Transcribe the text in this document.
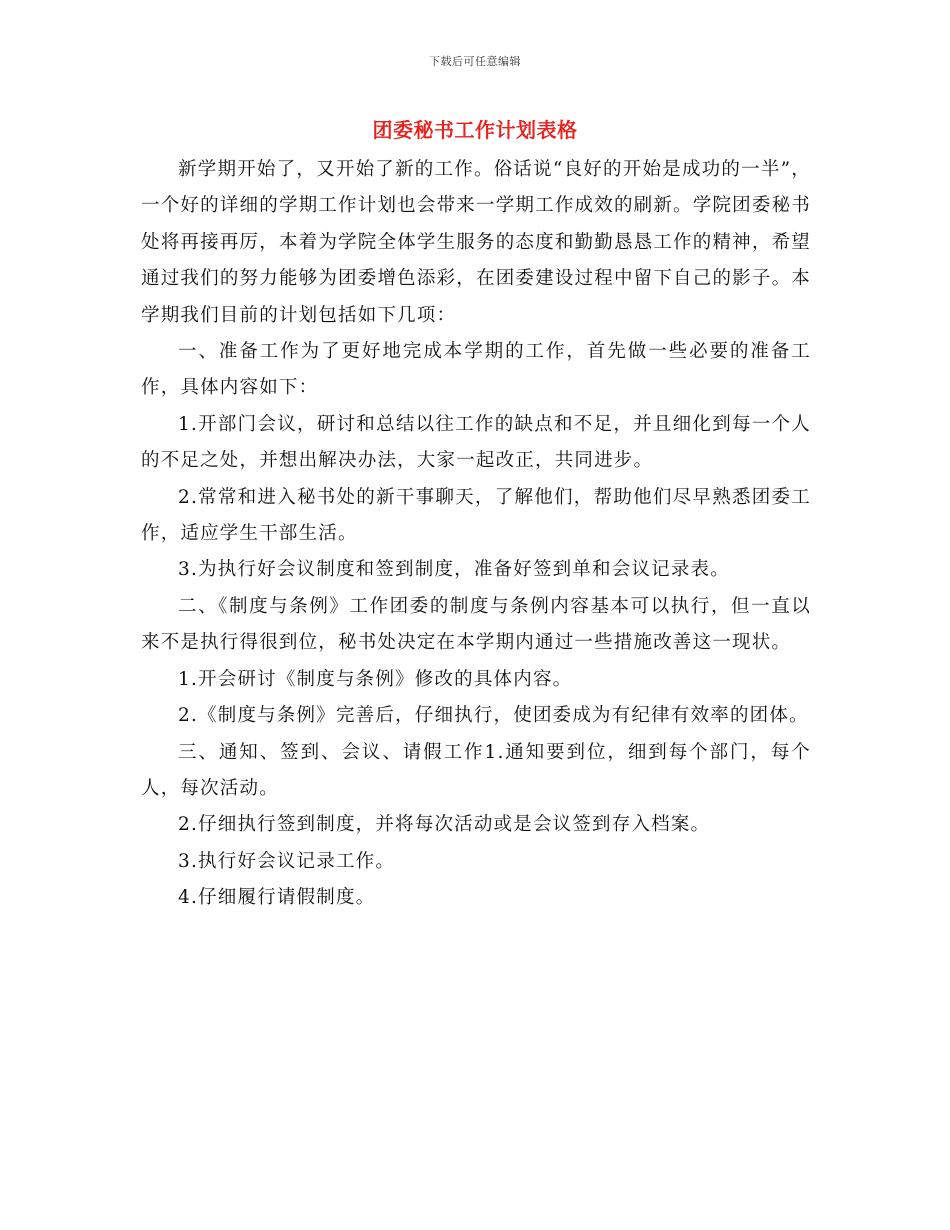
下载后可任意编辑
团委秘书工作计划表格

新学期开始了，又开始了新的工作。俗话说“良好的开始是成功的一半”，一个好的详细的学期工作计划也会带来一学期工作成效的刷新。学院团委秘书处将再接再厉，本着为学院全体学生服务的态度和勤勤恳恳工作的精神，希望通过我们的努力能够为团委增色添彩，在团委建设过程中留下自己的影子。本学期我们目前的计划包括如下几项：

一、准备工作为了更好地完成本学期的工作，首先做一些必要的准备工作，具体内容如下：

1.开部门会议，研讨和总结以往工作的缺点和不足，并且细化到每一个人的不足之处，并想出解决办法，大家一起改正，共同进步。

2.常常和进入秘书处的新干事聊天，了解他们，帮助他们尽早熟悉团委工作，适应学生干部生活。

3.为执行好会议制度和签到制度，准备好签到单和会议记录表。

二、《制度与条例》工作团委的制度与条例内容基本可以执行，但一直以来不是执行得很到位，秘书处决定在本学期内通过一些措施改善这一现状。

1.开会研讨《制度与条例》修改的具体内容。

2.《制度与条例》完善后，仔细执行，使团委成为有纪律有效率的团体。

三、通知、签到、会议、请假工作1.通知要到位，细到每个部门，每个人，每次活动。

2.仔细执行签到制度，并将每次活动或是会议签到存入档案。

3.执行好会议记录工作。

4.仔细履行请假制度。
